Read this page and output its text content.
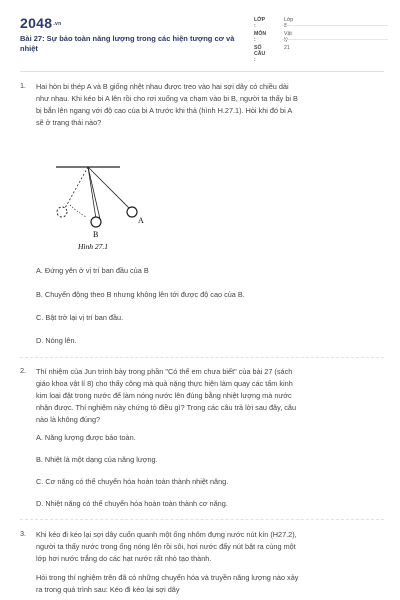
2048.vn
Bài 27: Sự bảo toàn năng lượng trong các hiện tượng cơ và nhiệt
LỚP :
Lớp 8
MÔN :
Vật lý
SỐ CÂU :
21
1. Hai hòn bi thép A và B giống nhệt nhau được treo vào hai sợi dây có chiều dài
như nhau. Khi kéo bi A lên rồi cho rơi xuống va chạm vào bi B, người ta thấy bi B
bị bắn lên ngang với độ cao của bi A trước khi thả (hình H.27.1). Hỏi khi đó bi A
sẽ ở trạng thái nào?
A
B
Hình 27.1
A. Đứng yên ở vị trí ban đầu của B
B. Chuyển động theo B nhưng không lên tới được độ cao của B.
C. Bật trở lại vị trí ban đầu.
D. Nóng lên.
2. Thí nhiệm của Jun trình bày trong phần "Có thể em chưa biết" của bài 27 (sách
giáo khoa vật lí 8) cho thấy công mà quả nặng thực hiện làm quay các tấm kinh
kim loại đặt trong nước để làm nóng nước lên đúng bằng nhiệt lượng mà nước
nhận được. Thí nghiệm này chứng tỏ điều gì? Trong các câu trả lời sau đây, câu
nào là không đúng?
A. Năng lượng được bảo toàn.
B. Nhiệt là một dạng của năng lượng.
C. Cơ năng có thể chuyển hóa hoàn toàn thành nhiệt năng.
D. Nhiệt năng có thể chuyển hóa hoàn toàn thành cơ năng.
3. Khi kéo đi kéo lại sợi dây cuốn quanh một ống nhôm đựng nước nút kín (H27.2),
người ta thấy nước trong ống nóng lên rồi sôi, hơi nước đẩy nút bật ra cùng một
lớp hơi nước trắng do các hạt nước rất nhỏ tạo thành.
Hỏi trong thí nghiệm trên đã có những chuyển hóa và truyền năng lượng nào xảy
ra trong quá trình sau: Kéo đi kéo lại sợi dây
